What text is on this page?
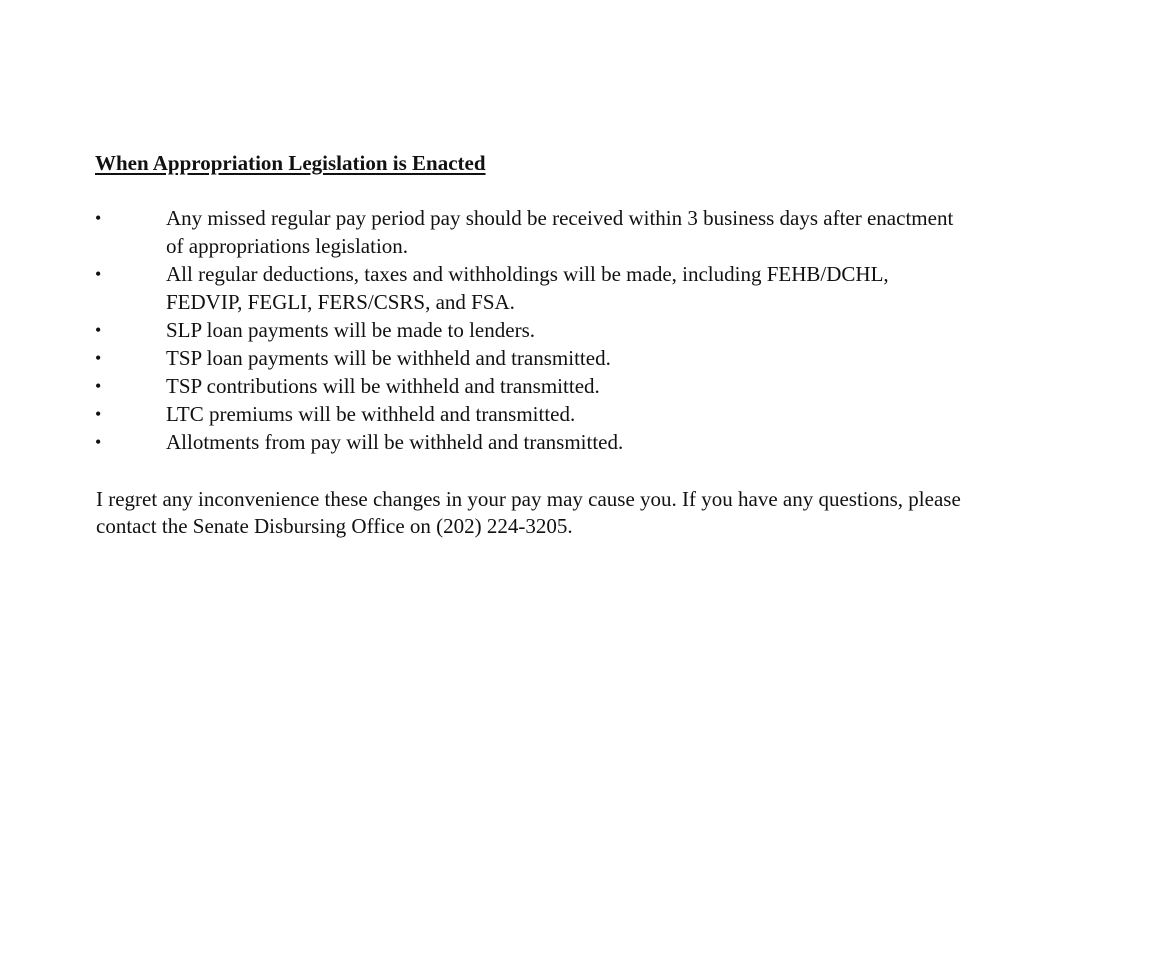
When Appropriation Legislation is Enacted
•	Any missed regular pay period pay should be received within 3 business days after enactment
of appropriations legislation.
•	All regular deductions, taxes and withholdings will be made, including FEHB/DCHL,
FEDVIP, FEGLI, FERS/CSRS, and FSA.
•	SLP loan payments will be made to lenders.
•	TSP loan payments will be withheld and transmitted.
•	TSP contributions will be withheld and transmitted.
•	LTC premiums will be withheld and transmitted.
•	Allotments from pay will be withheld and transmitted.

I regret any inconvenience these changes in your pay may cause you. If you have any questions, please
contact the Senate Disbursing Office on (202) 224-3205.
